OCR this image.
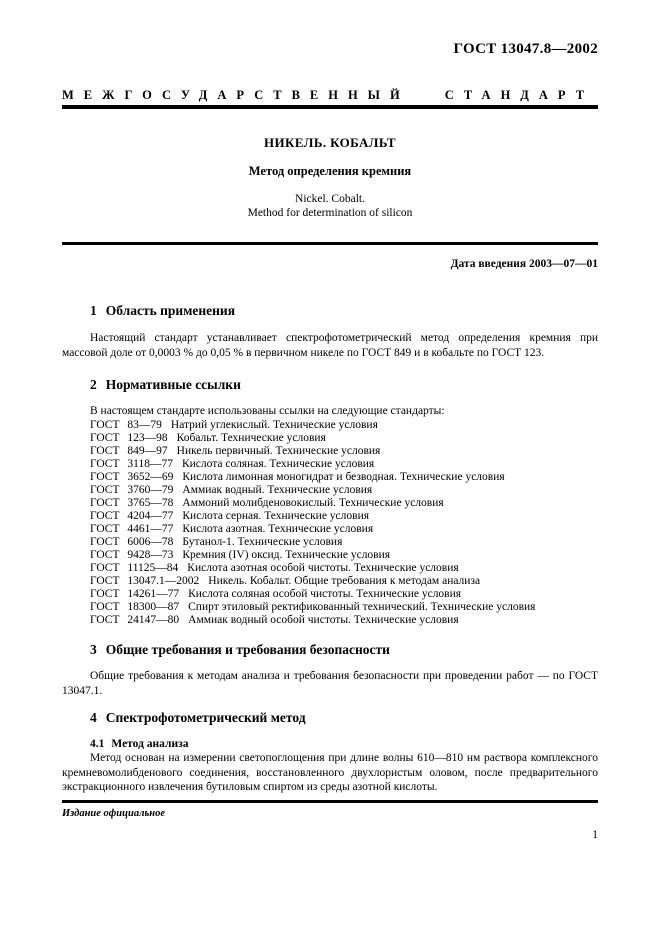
ГОСТ 13047.8—2002
МЕЖГОСУДАРСТВЕННЫЙ СТАНДАРТ
НИКЕЛЬ. КОБАЛЬТ
Метод определения кремния
Nickel. Cobalt.
Method for determination of silicon
Дата введения 2003—07—01
1 Область применения

Настоящий стандарт устанавливает спектрофотометрический метод определения кремния при массовой доле от 0,0003 % до 0,05 % в первичном никеле по ГОСТ 849 и в кобальте по ГОСТ 123.

2 Нормативные ссылки

В настоящем стандарте использованы ссылки на следующие стандарты:

ГОСТ 83—79 Натрий углекислый. Технические условия
ГОСТ 123—98 Кобальт. Технические условия
ГОСТ 849—97 Никель первичный. Технические условия
ГОСТ 3118—77 Кислота соляная. Технические условия
ГОСТ 3652—69 Кислота лимонная моногидрат и безводная. Технические условия
ГОСТ 3760—79 Аммиак водный. Технические условия
ГОСТ 3765—78 Аммоний молибденовокислый. Технические условия
ГОСТ 4204—77 Кислота серная. Технические условия
ГОСТ 4461—77 Кислота азотная. Технические условия
ГОСТ 6006—78 Бутанол-1. Технические условия
ГОСТ 9428—73 Кремния (IV) оксид. Технические условия
ГОСТ 11125—84 Кислота азотная особой чистоты. Технические условия
ГОСТ 13047.1—2002 Никель. Кобальт. Общие требования к методам анализа
ГОСТ 14261—77 Кислота соляная особой чистоты. Технические условия
ГОСТ 18300—87 Спирт этиловый ректификованный технический. Технические условия
ГОСТ 24147—80 Аммиак водный особой чистоты. Технические условия
3 Общие требования и требования безопасности

Общие требования к методам анализа и требования безопасности при проведении работ — по ГОСТ 13047.1.

4 Спектрофотометрический метод
4.1 Метод анализа

Метод основан на измерении светопоглощения при длине волны 610—810 нм раствора комплексного кремневомолибденового соединения, восстановленного двухлористым оловом, после предварительного экстракционного извлечения бутиловым спиртом из среды азотной кислоты.

Издание официальное
1
